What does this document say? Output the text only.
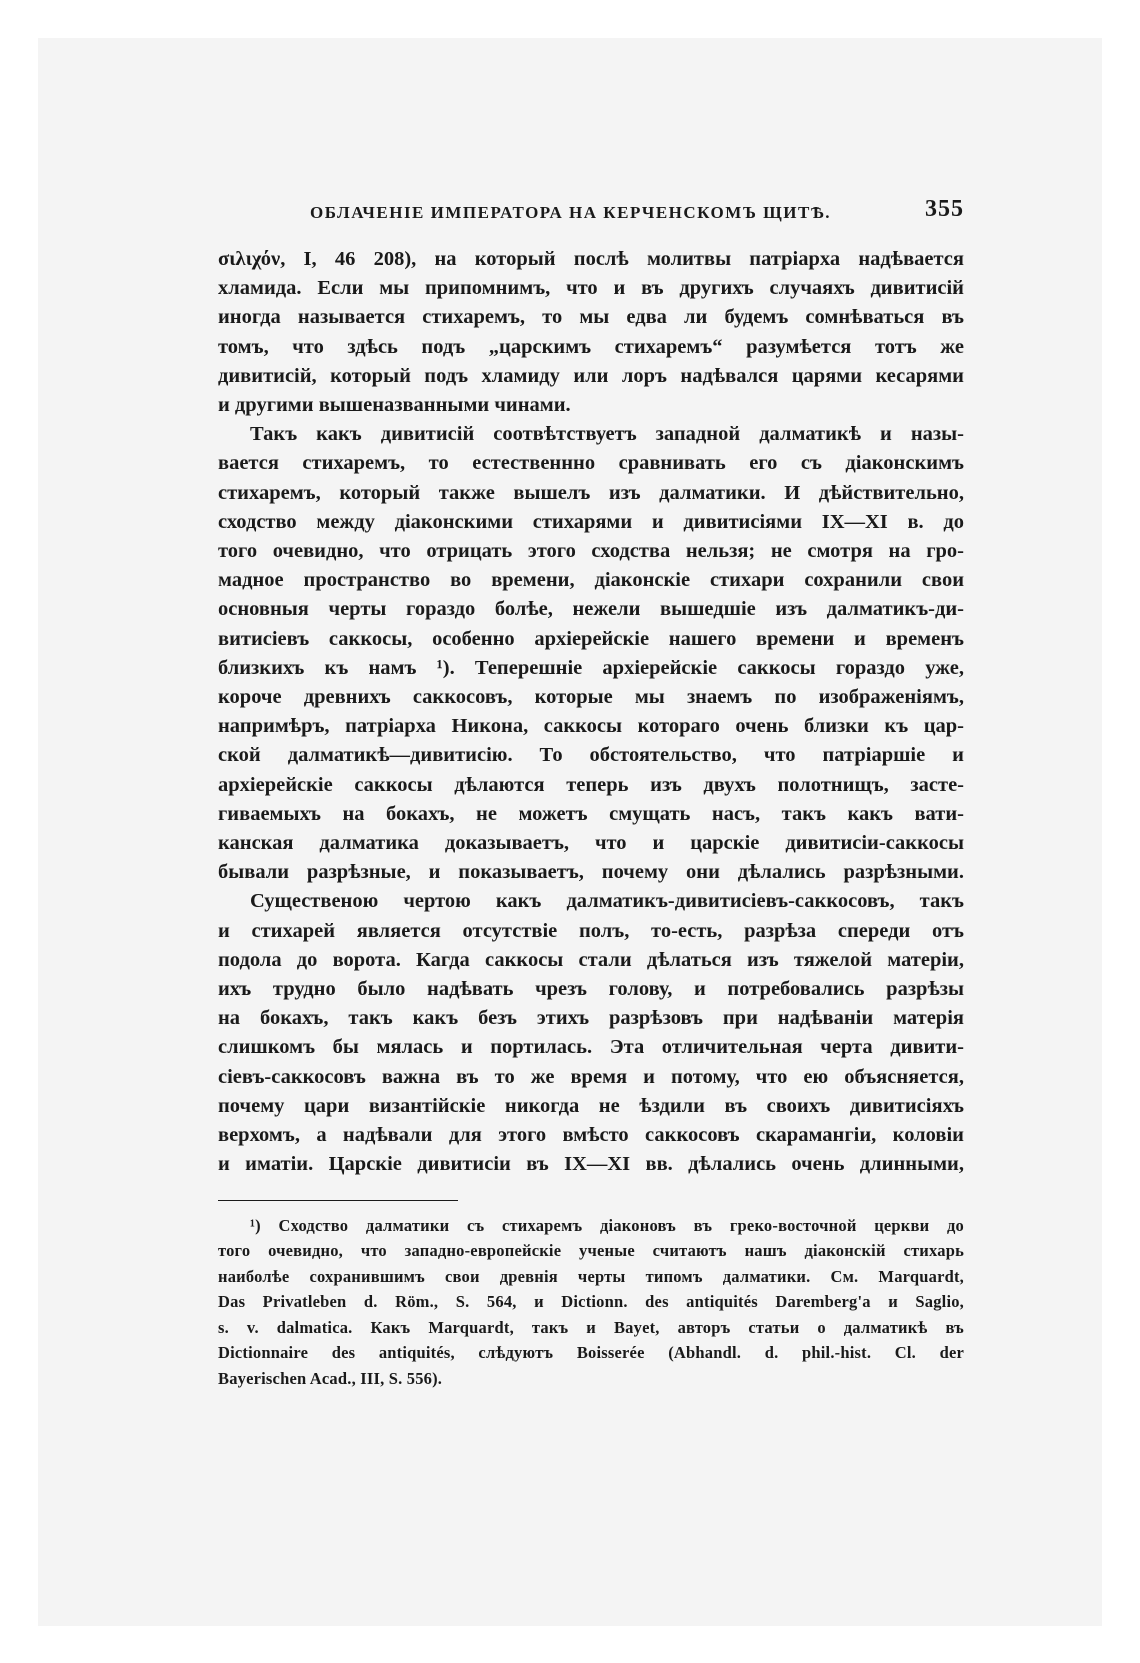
ОБЛАЧЕНІЕ ИМПЕРАТОРА НА КЕРЧЕНСКОМЪ ЩИТѢ.	355

σιλιχόν, I, 46 208), на который послѣ молитвы патріарха надѣвается
хламида. Если мы припомнимъ, что и въ другихъ случаяхъ дивитисій
иногда называется стихаремъ, то мы едва ли будемъ сомнѣваться въ
томъ, что здѣсь подъ „царскимъ стихаремъ“ разумѣется тотъ же
дивитисій, который подъ хламиду или лоръ надѣвался царями кесарями
и другими вышеназванными чинами.

Такъ какъ дивитисій соотвѣтствуетъ западной далматикѣ и назы-
вается стихаремъ, то естественнно сравнивать его съ діаконскимъ
стихаремъ, который также вышелъ изъ далматики. И дѣйствительно,
сходство между діаконскими стихарями и дивитисіями IX—XI в. до
того очевидно, что отрицать этого сходства нельзя; не смотря на гро-
мадное пространство во времени, діаконскіе стихари сохранили свои
основныя черты гораздо болѣе, нежели вышедшіе изъ далматикъ-ди-
витисіевъ саккосы, особенно архіерейскіе нашего времени и временъ
близкихъ къ намъ ¹). Теперешніе архіерейскіе саккосы гораздо уже,
короче древнихъ саккосовъ, которые мы знаемъ по изображеніямъ,
напримѣръ, патріарха Никона, саккосы котораго очень близки къ цар-
ской далматикѣ—дивитисію. То обстоятельство, что патріаршіе и
архіерейскіе саккосы дѣлаются теперь изъ двухъ полотнищъ, засте-
гиваемыхъ на бокахъ, не можетъ смущать насъ, такъ какъ вати-
канская далматика доказываетъ, что и царскіе дивитисіи-саккосы
бывали разрѣзные, и показываетъ, почему они дѣлались разрѣзными.

Существеною чертою какъ далматикъ-дивитисіевъ-саккосовъ, такъ
и стихарей является отсутствіе полъ, то-есть, разрѣза спереди отъ
подола до ворота. Кагда саккосы стали дѣлаться изъ тяжелой матеріи,
ихъ трудно было надѣвать чрезъ голову, и потребовались разрѣзы
на бокахъ, такъ какъ безъ этихъ разрѣзовъ при надѣваніи матерія
слишкомъ бы мялась и портилась. Эта отличительная черта дивити-
сіевъ-саккосовъ важна въ то же время и потому, что ею объясняется,
почему цари византійскіе никогда не ѣздили въ своихъ дивитисіяхъ
верхомъ, а надѣвали для этого вмѣсто саккосовъ скарамангіи, коловіи
и иматіи. Царскіе дивитисіи въ IX—XI вв. дѣлались очень длинными,

¹) Сходство далматики съ стихаремъ діаконовъ въ греко-восточной церкви до
того очевидно, что западно-европейскіе ученые считаютъ нашъ діаконскій стихарь
наиболѣе сохранившимъ свои древнія черты типомъ далматики. См. Marquardt,
Das Privatleben d. Röm., S. 564, и Dictionn. des antiquités Daremberg'а и Saglio,
s. v. dalmatica. Какъ Marquardt, такъ и Bayet, авторъ статьи о далматикѣ въ
Dictionnaire des antiquités, слѣдуютъ Boisserée (Abhandl. d. phil.-hist. Cl. der
Bayerischen Acad., III, S. 556).
